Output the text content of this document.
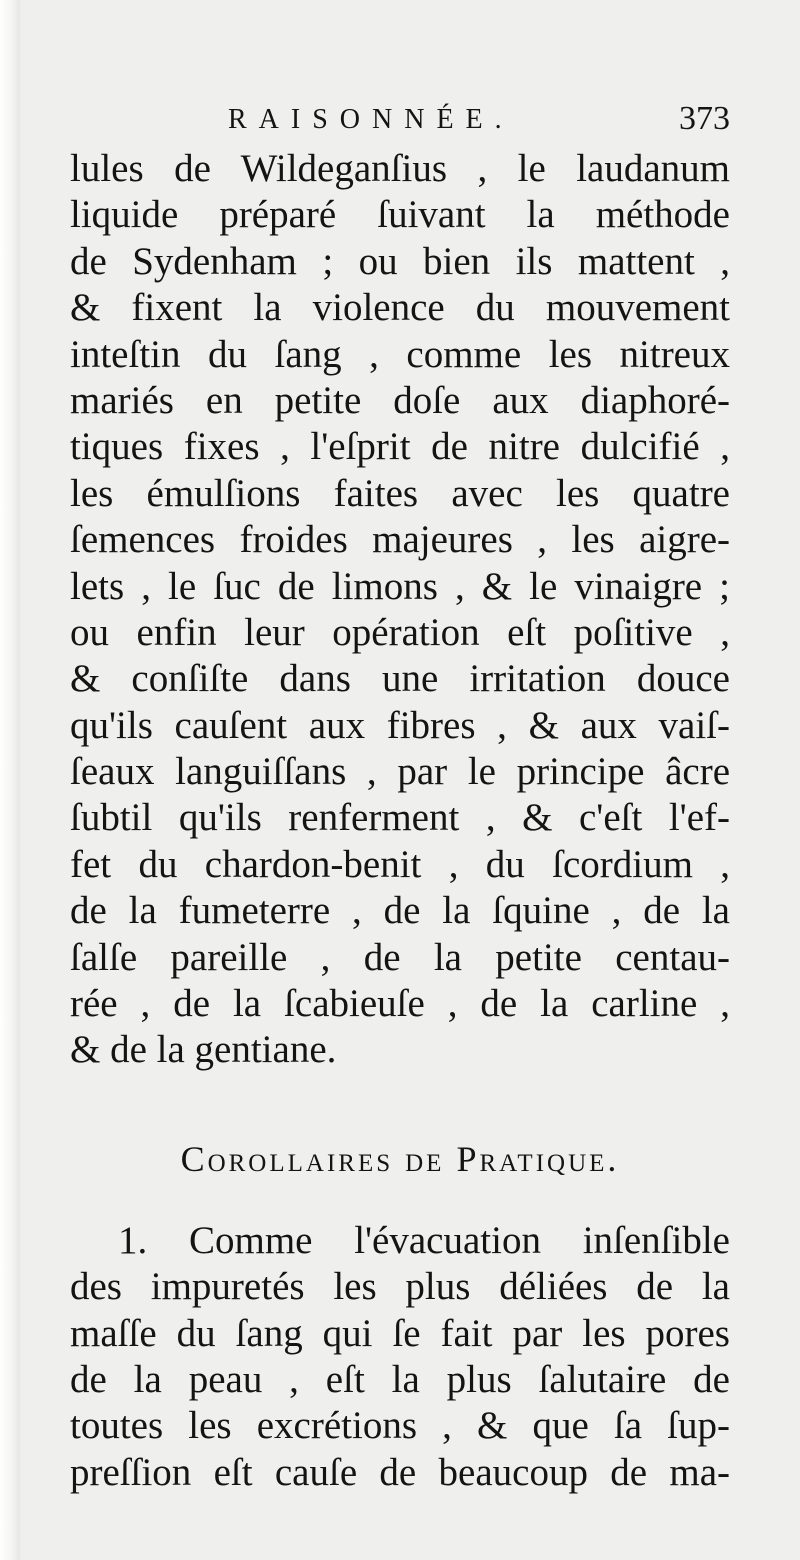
RAISONNÉE.	373
lules de Wildeganſius , le laudanum
liquide préparé ſuivant la méthode
de Sydenham ; ou bien ils mattent ,
& fixent la violence du mouvement
inteſtin du ſang , comme les nitreux
mariés en petite doſe aux diaphoré-
tiques fixes , l'eſprit de nitre dulcifié ,
les émulſions faites avec les quatre
ſemences froides majeures , les aigre-
lets , le ſuc de limons , & le vinaigre ;
ou enfin leur opération eſt poſitive ,
& conſiſte dans une irritation douce
qu'ils cauſent aux fibres , & aux vaiſ-
ſeaux languiſſans , par le principe âcre
ſubtil qu'ils renferment , & c'eſt l'ef-
fet du chardon-benit , du ſcordium ,
de la fumeterre , de la ſquine , de la
ſalſe pareille , de la petite centau-
rée , de la ſcabieuſe , de la carline ,
& de la gentiane.
Corollaires de Pratique.
1. Comme l'évacuation inſenſible
des impuretés les plus déliées de la
maſſe du ſang qui ſe fait par les pores
de la peau , eſt la plus ſalutaire de
toutes les excrétions , & que ſa ſup-
preſſion eſt cauſe de beaucoup de ma-
